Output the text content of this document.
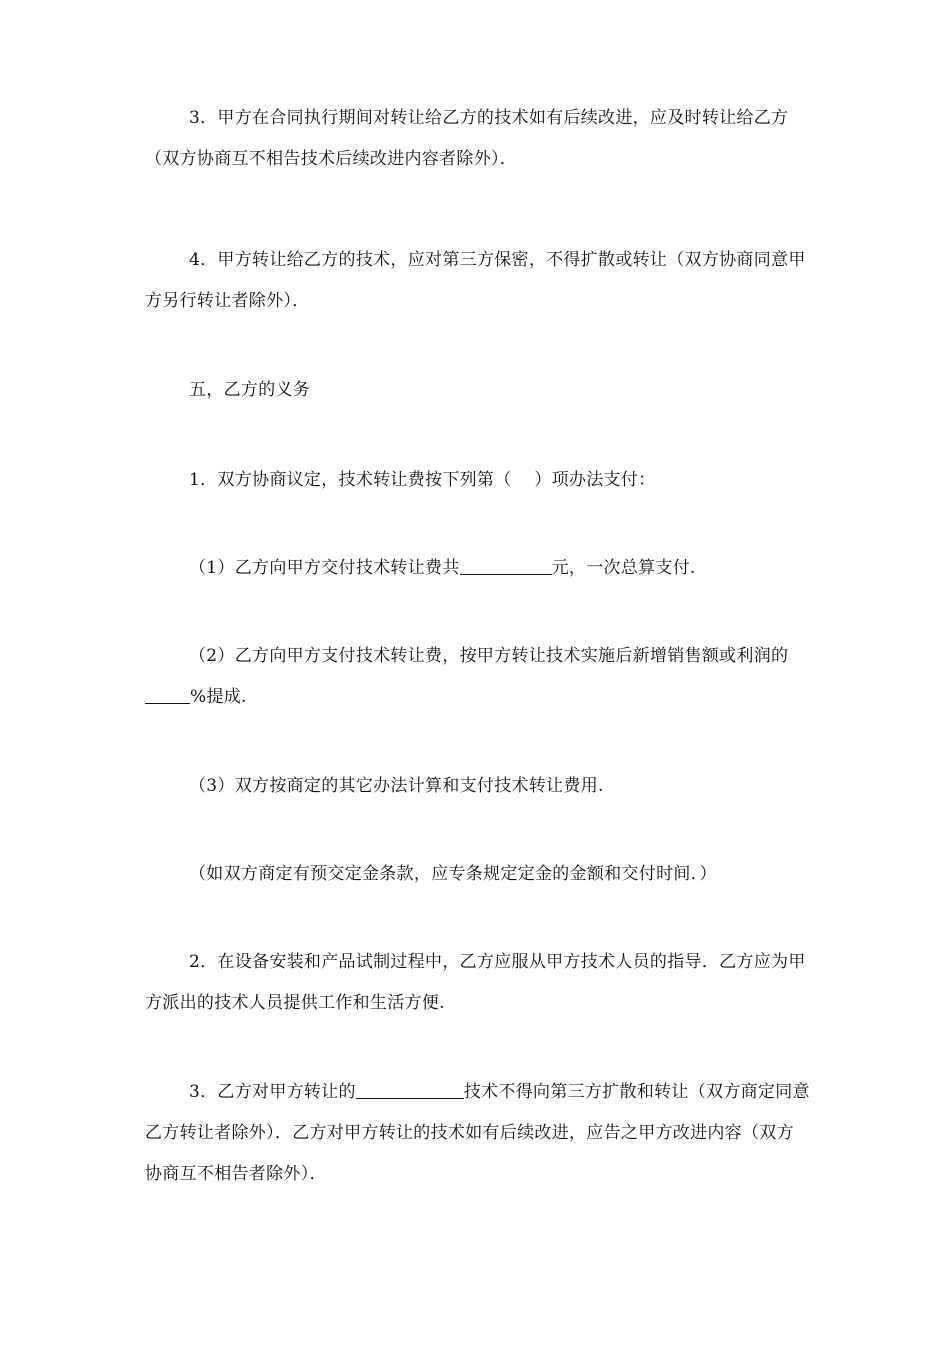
3．甲方在合同执行期间对转让给乙方的技术如有后续改进，应及时转让给乙方（双方协商互不相告技术后续改进内容者除外）．

4．甲方转让给乙方的技术，应对第三方保密，不得扩散或转让（双方协商同意甲方另行转让者除外）．

五，乙方的义务

1．双方协商议定，技术转让费按下列第（    ）项办法支付：

（1）乙方向甲方交付技术转让费共	元，一次总算支付.

（2）乙方向甲方支付技术转让费，按甲方转让技术实施后新增销售额或利润的%提成.

（3）双方按商定的其它办法计算和支付技术转让费用.

（如双方商定有预交定金条款，应专条规定定金的金额和交付时间．）

2．在设备安装和产品试制过程中，乙方应服从甲方技术人员的指导．乙方应为甲方派出的技术人员提供工作和生活方便.

3．乙方对甲方转让的	技术不得向第三方扩散和转让（双方商定同意乙方转让者除外）．乙方对甲方转让的技术如有后续改进，应告之甲方改进内容（双方协商互不相告者除外）．
